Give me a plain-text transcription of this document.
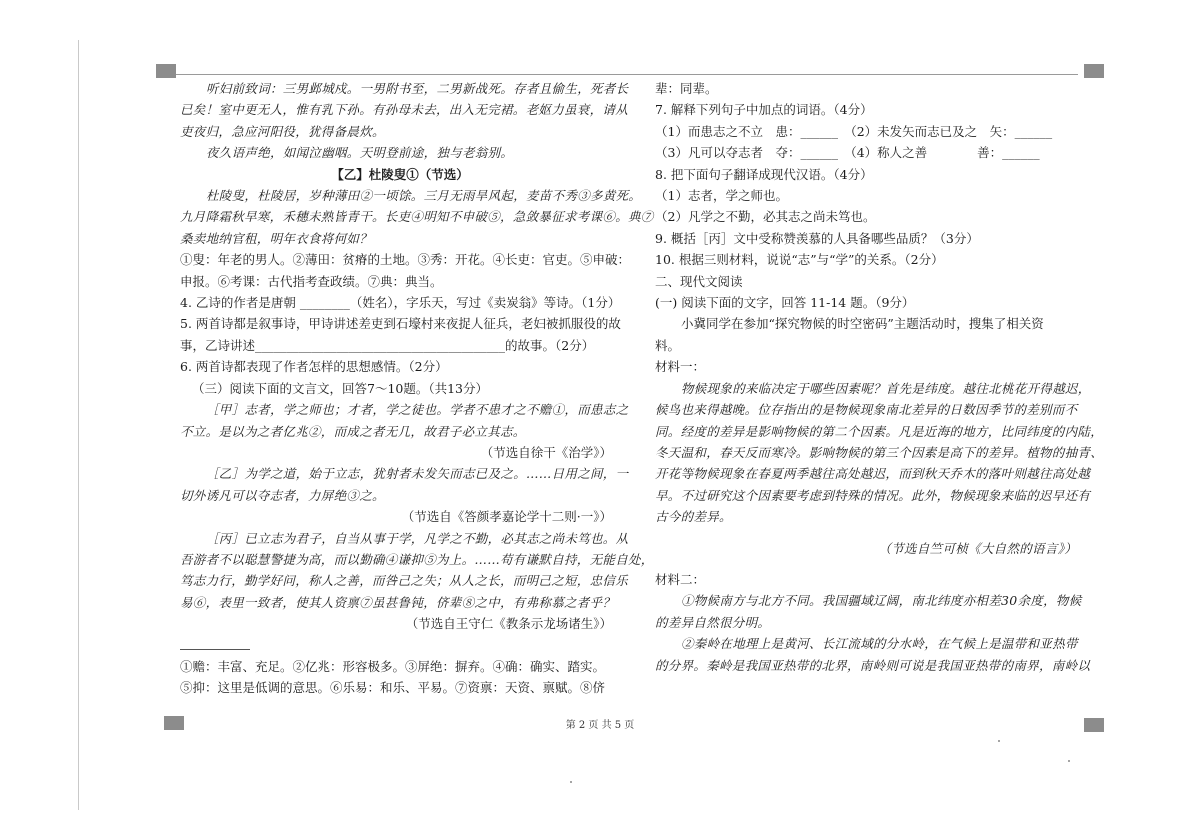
听妇前致词：三男邺城戍。一男附书至，二男新战死。存者且偷生，死者长

已矣！室中更无人，惟有乳下孙。有孙母未去，出入无完裙。老妪力虽衰，请从

吏夜归，急应河阳役，犹得备晨炊。

夜久语声绝，如闻泣幽咽。天明登前途，独与老翁别。

【乙】杜陵叟①（节选）

杜陵叟，杜陵居，岁种薄田②一顷馀。三月无雨旱风起，麦苗不秀③多黄死。

九月降霜秋早寒，禾穗未熟皆青干。长吏④明知不申破⑤，急敛暴征求考课⑥。典⑦

桑卖地纳官租，明年衣食将何如？

①叟：年老的男人。②薄田：贫瘠的土地。③秀：开花。④长吏：官吏。⑤申破：

申报。⑥考课：古代指考查政绩。⑦典：典当。

4. 乙诗的作者是唐朝 ________（姓名），字乐天，写过《卖炭翁》等诗。（1分）

5. 两首诗都是叙事诗，甲诗讲述差吏到石壕村来夜捉人征兵，老妇被抓服役的故

事，乙诗讲述________________________________________的故事。（2分）

6. 两首诗都表现了作者怎样的思想感情。（2分）

（三）阅读下面的文言文，回答7～10题。（共13分）

［甲］志者，学之师也；才者，学之徒也。学者不患才之不赡①，而患志之

不立。是以为之者亿兆②，而成之者无几，故君子必立其志。

（节选自徐干《治学》）

［乙］为学之道，始于立志，犹射者未发矢而志已及之。……日用之间，一

切外诱凡可以夺志者，力屏绝③之。

（节选自《答颜孝嘉论学十二则·一》）

［丙］已立志为君子，自当从事于学，凡学之不勤，必其志之尚未笃也。从

吾游者不以聪慧警捷为高，而以勤确④谦抑⑤为上。……苟有谦默自持，无能自处，

笃志力行，勤学好问，称人之善，而咎己之失；从人之长，而明己之短，忠信乐

易⑥，表里一致者，使其人资禀⑦虽甚鲁钝，侪辈⑧之中，有弗称慕之者乎？

（节选自王守仁《教条示龙场诸生》）

①赡：丰富、充足。②亿兆：形容极多。③屏绝：摒弃。④确：确实、踏实。

⑤抑：这里是低调的意思。⑥乐易：和乐、平易。⑦资禀：天资、禀赋。⑧侪

辈：同辈。

7. 解释下列句子中加点的词语。（4分）

（1）而患志之不立　患：______　（2）未发矢而志已及之　矢：______

（3）凡可以夺志者　夺：______　（4）称人之善　　　　善：______

8. 把下面句子翻译成现代汉语。（4分）

（1）志者，学之师也。

（2）凡学之不勤，必其志之尚未笃也。

9. 概括［丙］文中受称赞羡慕的人具备哪些品质？（3分）

10. 根据三则材料，说说“志”与“学”的关系。（2分）

二、现代文阅读

(一) 阅读下面的文字，回答 11-14 题。（9分）

小冀同学在参加“探究物候的时空密码”主题活动时，搜集了相关资

料。

材料一：

物候现象的来临决定于哪些因素呢？首先是纬度。越往北桃花开得越迟，

候鸟也来得越晚。位存指出的是物候现象南北差异的日数因季节的差别而不

同。经度的差异是影响物候的第二个因素。凡是近海的地方，比同纬度的内陆，

冬天温和，春天反而寒冷。影响物候的第三个因素是高下的差异。植物的抽青、

开花等物候现象在春夏两季越往高处越迟，而到秋天乔木的落叶则越往高处越

早。不过研究这个因素要考虑到特殊的情况。此外，物候现象来临的迟早还有

古今的差异。

（节选自竺可桢《大自然的语言》）

材料二：

①物候南方与北方不同。我国疆域辽阔，南北纬度亦相差30余度，物候

的差异自然很分明。

②秦岭在地理上是黄河、长江流域的分水岭，在气候上是温带和亚热带

的分界。秦岭是我国亚热带的北界，南岭则可说是我国亚热带的南界，南岭以

第 2 页 共 5 页
